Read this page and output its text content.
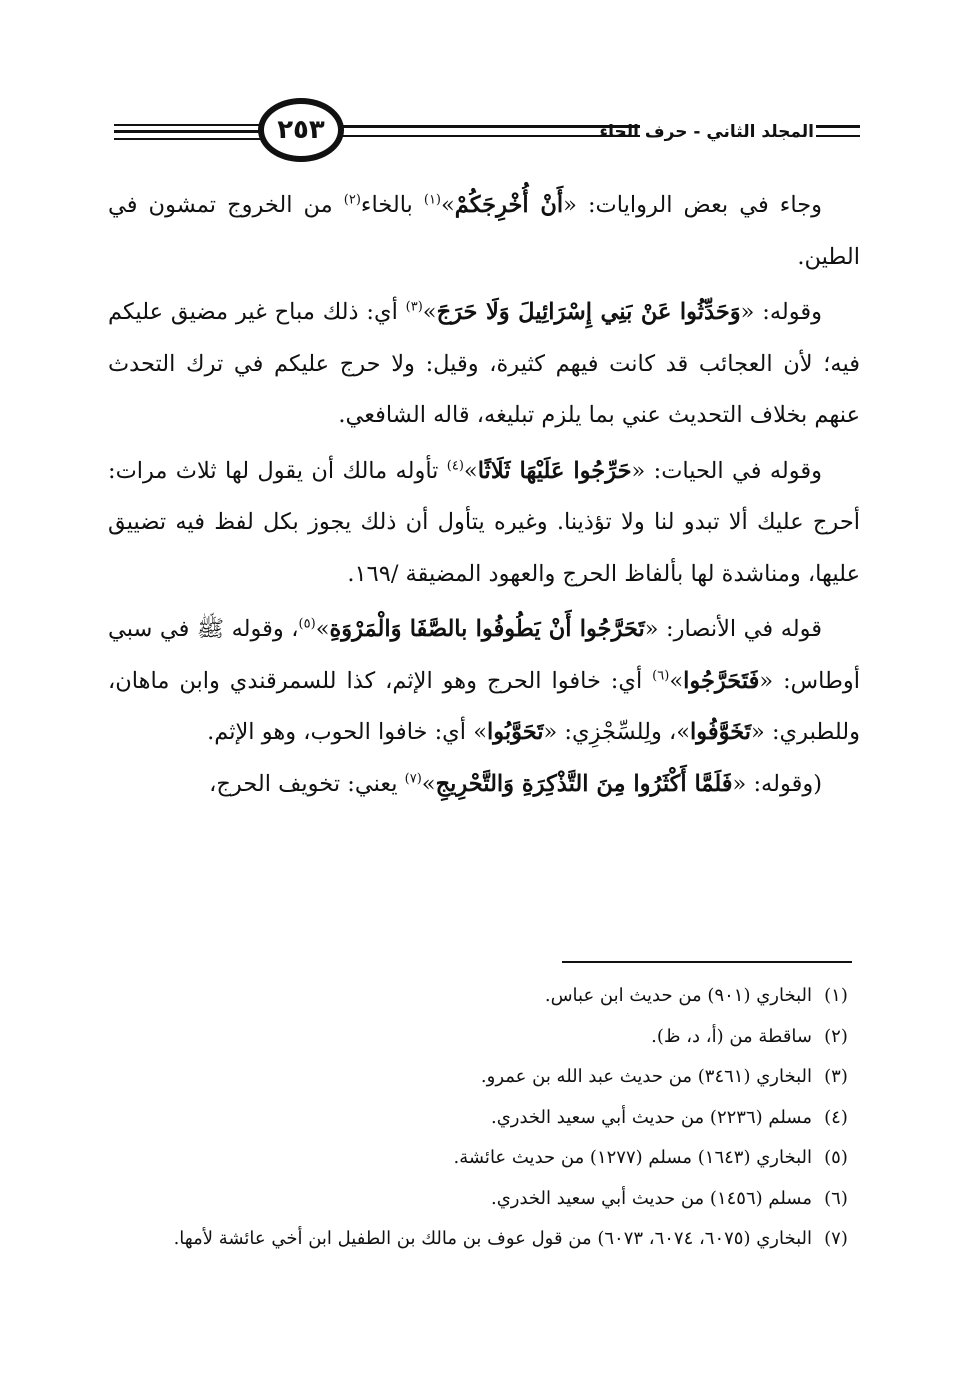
٢٥٣	المجلد الثاني - حرف الحاء

وجاء في بعض الروايات: «أَنْ أُخْرِجَكُمْ»$^{(١)}$ بالخاء$^{(٢)}$ من الخروج تمشون في الطين.

وقوله: «وَحَدِّثُوا عَنْ بَنِي إِسْرَائِيلَ وَلَا حَرَجَ»$^{(٣)}$ أي: ذلك مباح غير مضيق عليكم فيه؛ لأن العجائب قد كانت فيهم كثيرة، وقيل: ولا حرج عليكم في ترك التحدث عنهم بخلاف التحديث عني بما يلزم تبليغه، قاله الشافعي.

وقوله في الحيات: «حَرِّجُوا عَلَيْهَا ثَلَاثًا»$^{(٤)}$ تأوله مالك أن يقول لها ثلاث مرات: أحرج عليك ألا تبدو لنا ولا تؤذينا. وغيره يتأول أن ذلك يجوز بكل لفظ فيه تضييق عليها، ومناشدة لها بألفاظ الحرج والعهود المضيقة /١٦٩.

قوله في الأنصار: «تَحَرَّجُوا أَنْ يَطُوفُوا بالصَّفَا وَالْمَرْوَةِ»$^{(٥)}$، وقوله ﷺ في سبي أوطاس: «فَتَحَرَّجُوا»$^{(٦)}$ أي: خافوا الحرج وهو الإثم، كذا للسمرقندي وابن ماهان، وللطبري: «تَخَوَّفُوا»، ولِلسِّجْزِي: «تَحَوَّبُوا» أي: خافوا الحوب، وهو الإثم.

(وقوله: «فَلَمَّا أَكْثَرُوا مِنَ التَّذْكِرَةِ وَالتَّحْرِيجِ»$^{(٧)}$ يعني: تخويف الحرج،

(١)
البخاري (٩٠١) من حديث ابن عباس.
(٢)
ساقطة من (أ، د، ظ).
(٣)
البخاري (٣٤٦١) من حديث عبد الله بن عمرو.
(٤)
مسلم (٢٢٣٦) من حديث أبي سعيد الخدري.
(٥)
البخاري (١٦٤٣) مسلم (١٢٧٧) من حديث عائشة.
(٦)
مسلم (١٤٥٦) من حديث أبي سعيد الخدري.
(٧)
البخاري (٦٠٧٥، ٦٠٧٤، ٦٠٧٣) من قول عوف بن مالك بن الطفيل ابن أخي عائشة لأمها.
